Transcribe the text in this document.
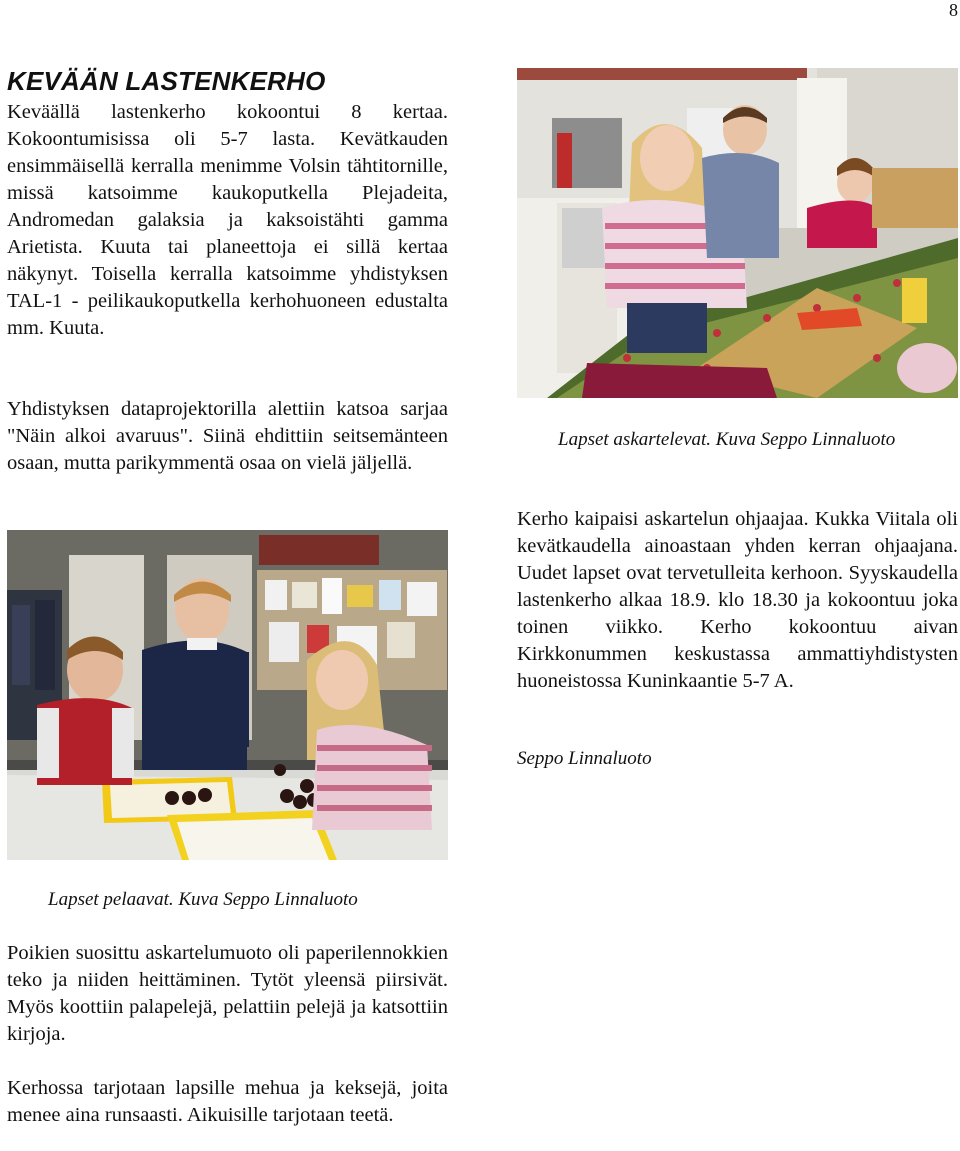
8
KEVÄÄN LASTENKERHO

Keväällä lastenkerho kokoontui 8 kertaa. Kokoontumisissa oli 5-7 lasta. Kevätkauden ensimmäisellä kerralla menimme Volsin tähtitornille, missä katsoimme kaukoputkella Plejadeita, Andromedan galaksia ja kaksoistähti gamma Arietista. Kuuta tai planeettoja ei sillä kertaa näkynyt. Toisella kerralla katsoimme yhdistyksen TAL-1 - peilikaukoputkella kerhohuoneen edustalta mm. Kuuta.

Yhdistyksen dataprojektorilla alettiin katsoa sarjaa "Näin alkoi avaruus". Siinä ehdittiin seitsemänteen osaan, mutta parikymmentä osaa on vielä jäljellä.

Lapset pelaavat. Kuva Seppo Linnaluoto

Poikien suosittu askartelumuoto oli paperilennokkien teko ja niiden heittäminen. Tytöt yleensä piirsivät. Myös koottiin palapelejä, pelattiin pelejä ja katsottiin kirjoja.

Kerhossa tarjotaan lapsille mehua ja keksejä, joita menee aina runsaasti. Aikuisille tarjotaan teetä.

Lapset askartelevat. Kuva Seppo Linnaluoto

Kerho kaipaisi askartelun ohjaajaa. Kukka Viitala oli kevätkaudella ainoastaan yhden kerran ohjaajana. Uudet lapset ovat tervetulleita kerhoon. Syyskaudella lastenkerho alkaa 18.9. klo 18.30 ja kokoontuu joka toinen viikko. Kerho kokoontuu aivan Kirkkonummen keskustassa ammattiyhdistysten huoneistossa Kuninkaantie 5-7 A.

Seppo Linnaluoto
